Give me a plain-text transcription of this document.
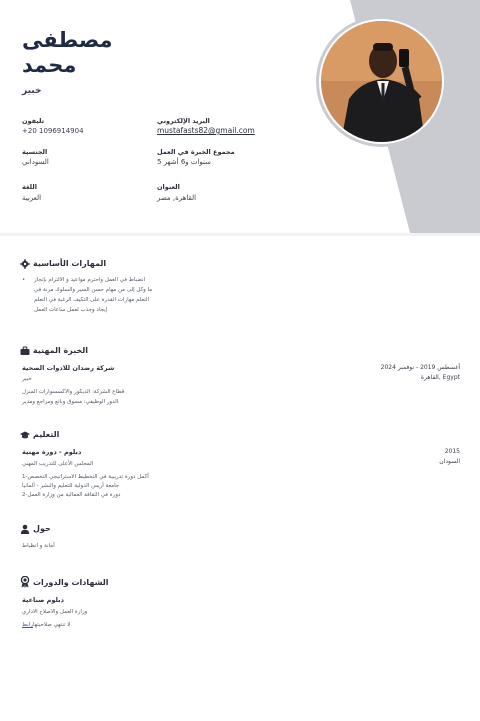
مصطفى
محمد
خبير
تليفون
+20 1096914904
البريد الإلكتروني
mustafasts82@gmail.com
الجنسية
السوداني
مجموع الخبرة في العمل
سنوات و6 أشهر 5
اللغة
العربية
العنوان
القاهرة, مصر
المهارات الأساسية
• انضباط في العمل واحترم مواعيد و الالتزام بإنجاز
ما وكل إلى من مهام حسن السير والسلوك مرنة في
التعلم مهارات القدرة على التكيف الرغبة في التعلم
إيجاد وجذب لعمل ساعات العمل
الخبرة المهنية
شركة رضدان للادوات الصحية
خبير
قطاع الشركة: الديكور والاكسسوارات المنزل
الدور الوظيفي: مسوق وبائع ومراجع ومدير
أغسطس 2019 - نوفمبر 2024
القاهرة, Egypt
التعليم
دبلوم - دورة مهنية
المجلس الأعلى للتدريب المهني
أكمل دورة تدريبية في التخطيط الاستراتيجي التخصص-1
جامعة أريس الدولية للتعليم والنشر - ألمانيا
دورة في الثقافة العمالية من وزارة العمل-2
2015
السودان
حول
أمانة و انظباط
الشهادات والدورات
دبلوم صناعية
وزارة العمل والاصلاح الاداري
لا تنتهي صلاحيتهارابط
